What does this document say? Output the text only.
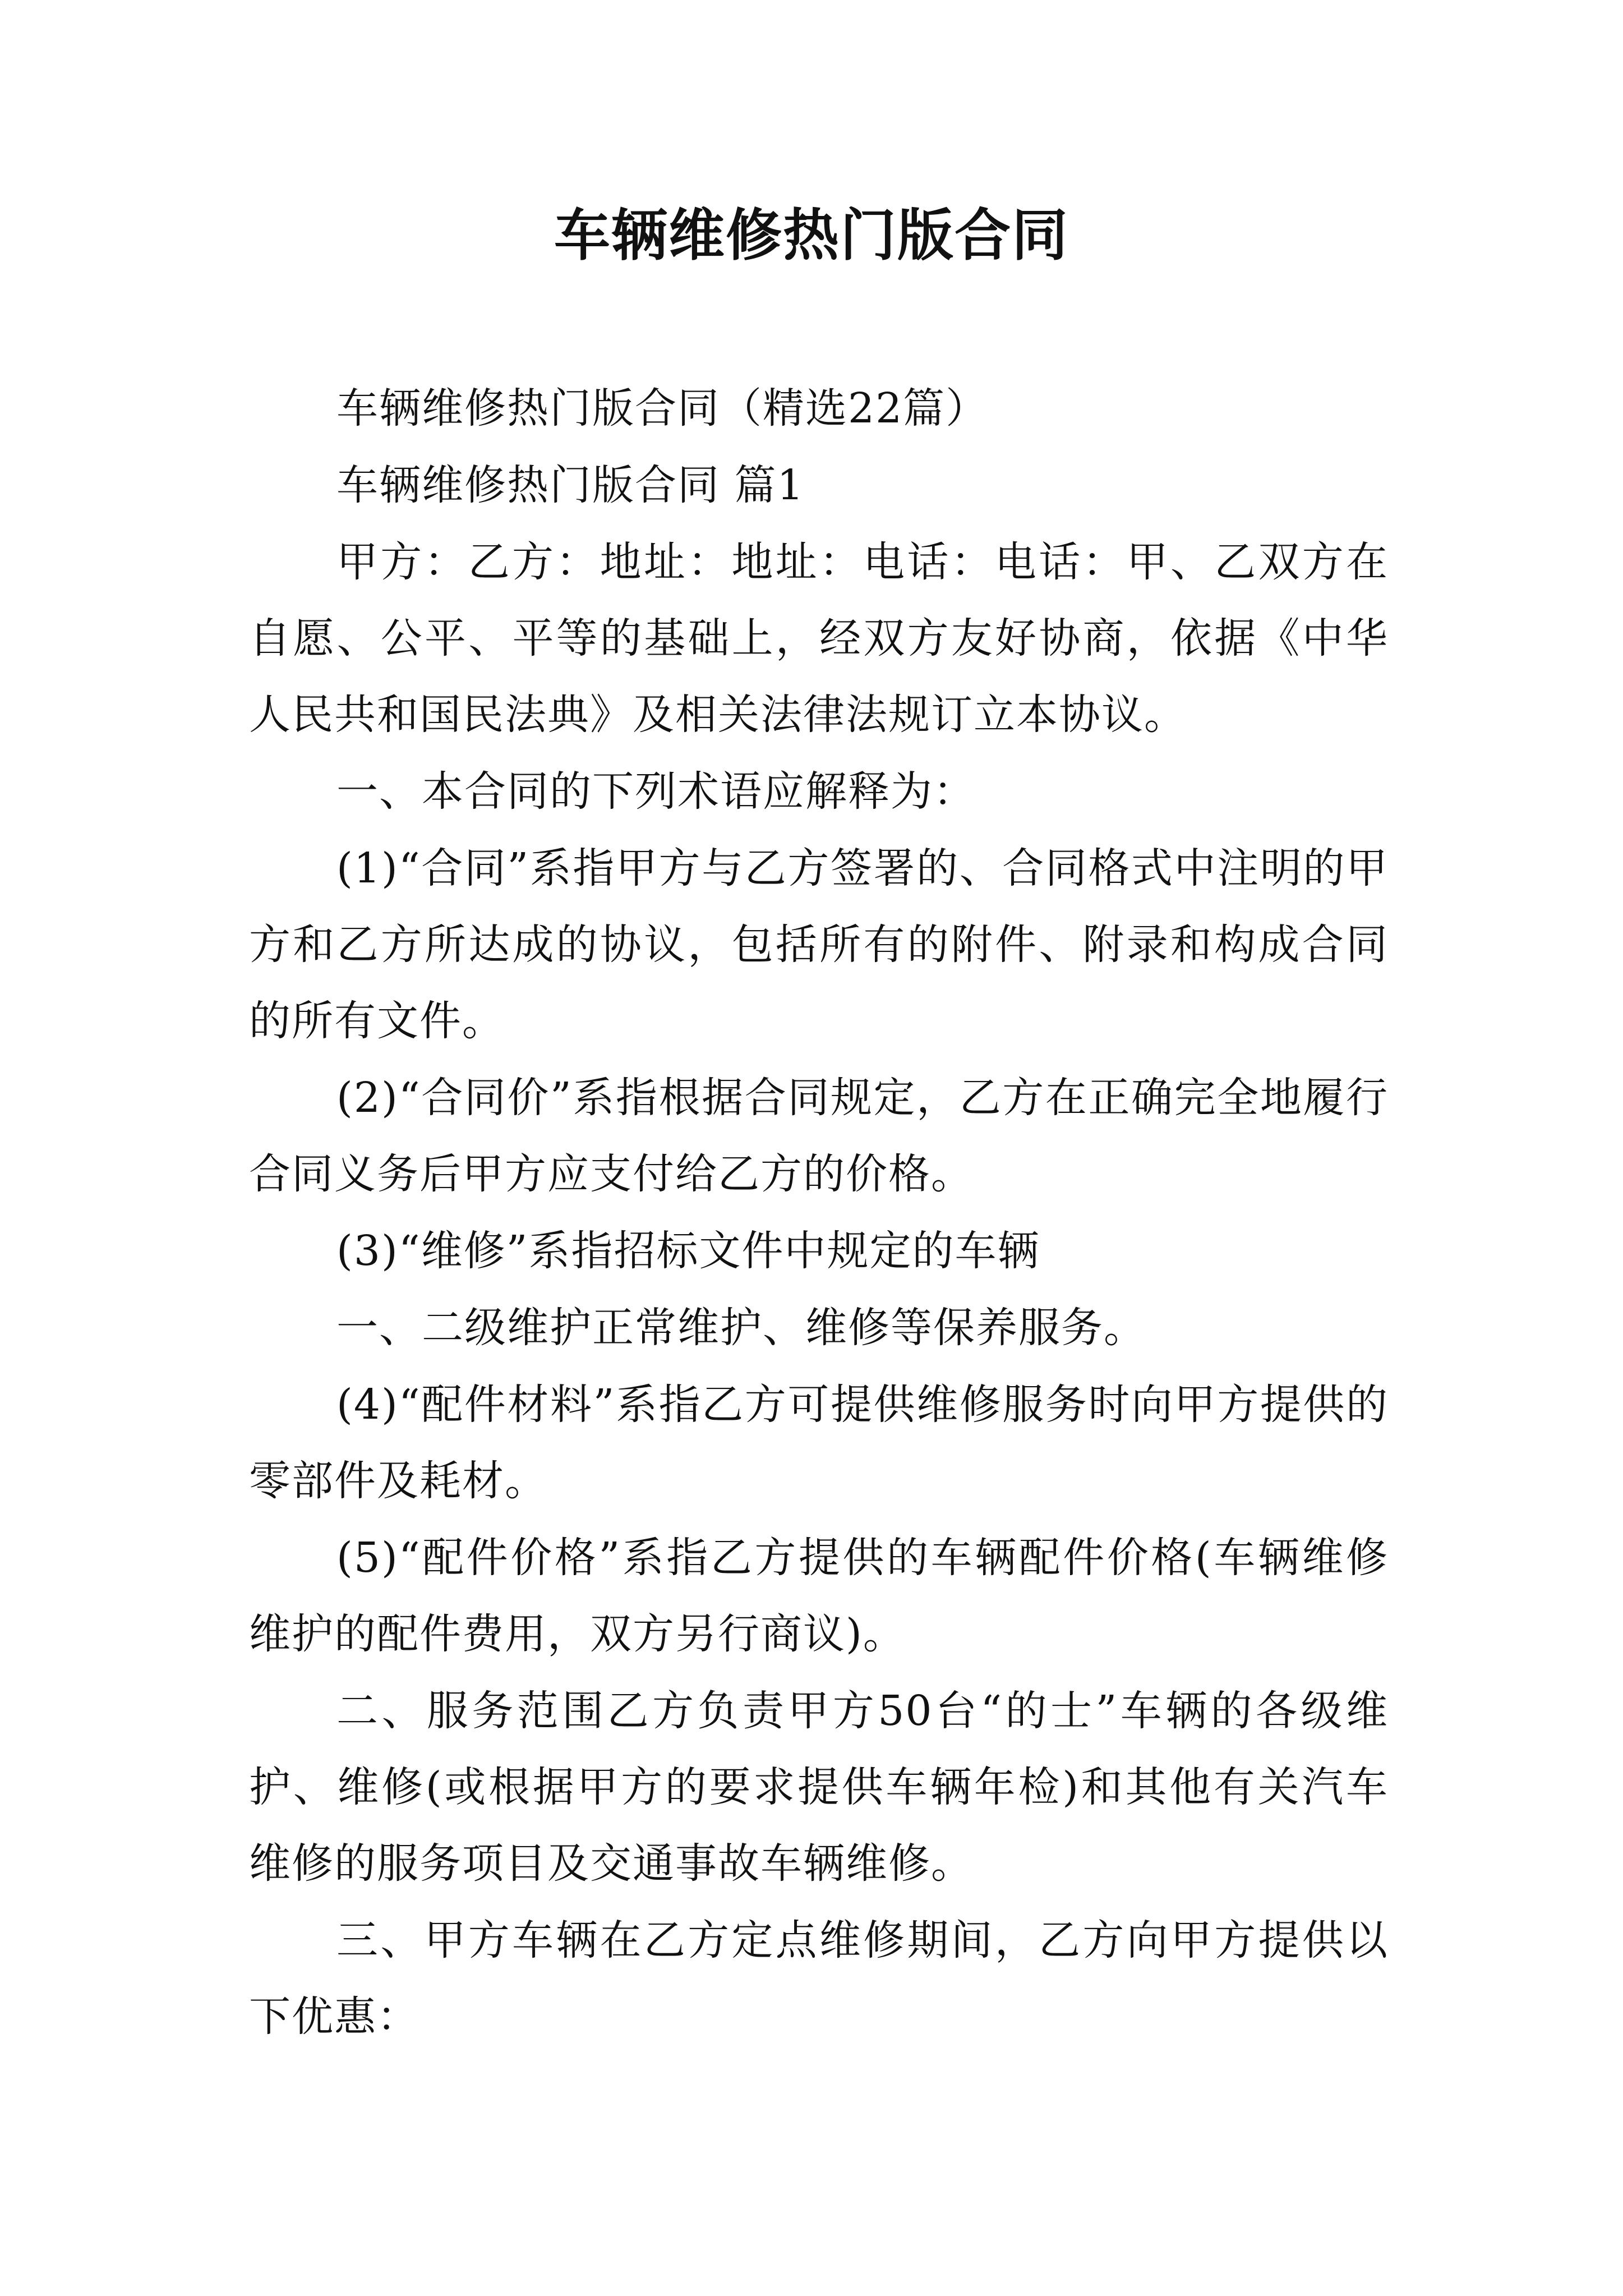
车辆维修热门版合同

车辆维修热门版合同（精选22篇）

车辆维修热门版合同 篇1

甲方：乙方：地址：地址：电话：电话：甲、乙双方在自愿、公平、平等的基础上，经双方友好协商，依据《中华人民共和国民法典》及相关法律法规订立本协议。

一、本合同的下列术语应解释为：

(1)“合同”系指甲方与乙方签署的、合同格式中注明的甲方和乙方所达成的协议，包括所有的附件、附录和构成合同的所有文件。

(2)“合同价”系指根据合同规定，乙方在正确完全地履行合同义务后甲方应支付给乙方的价格。

(3)“维修”系指招标文件中规定的车辆

一、二级维护正常维护、维修等保养服务。

(4)“配件材料”系指乙方可提供维修服务时向甲方提供的零部件及耗材。

(5)“配件价格”系指乙方提供的车辆配件价格(车辆维修维护的配件费用，双方另行商议)。

二、服务范围乙方负责甲方50台“的士”车辆的各级维护、维修(或根据甲方的要求提供车辆年检)和其他有关汽车维修的服务项目及交通事故车辆维修。

三、甲方车辆在乙方定点维修期间，乙方向甲方提供以下优惠：
